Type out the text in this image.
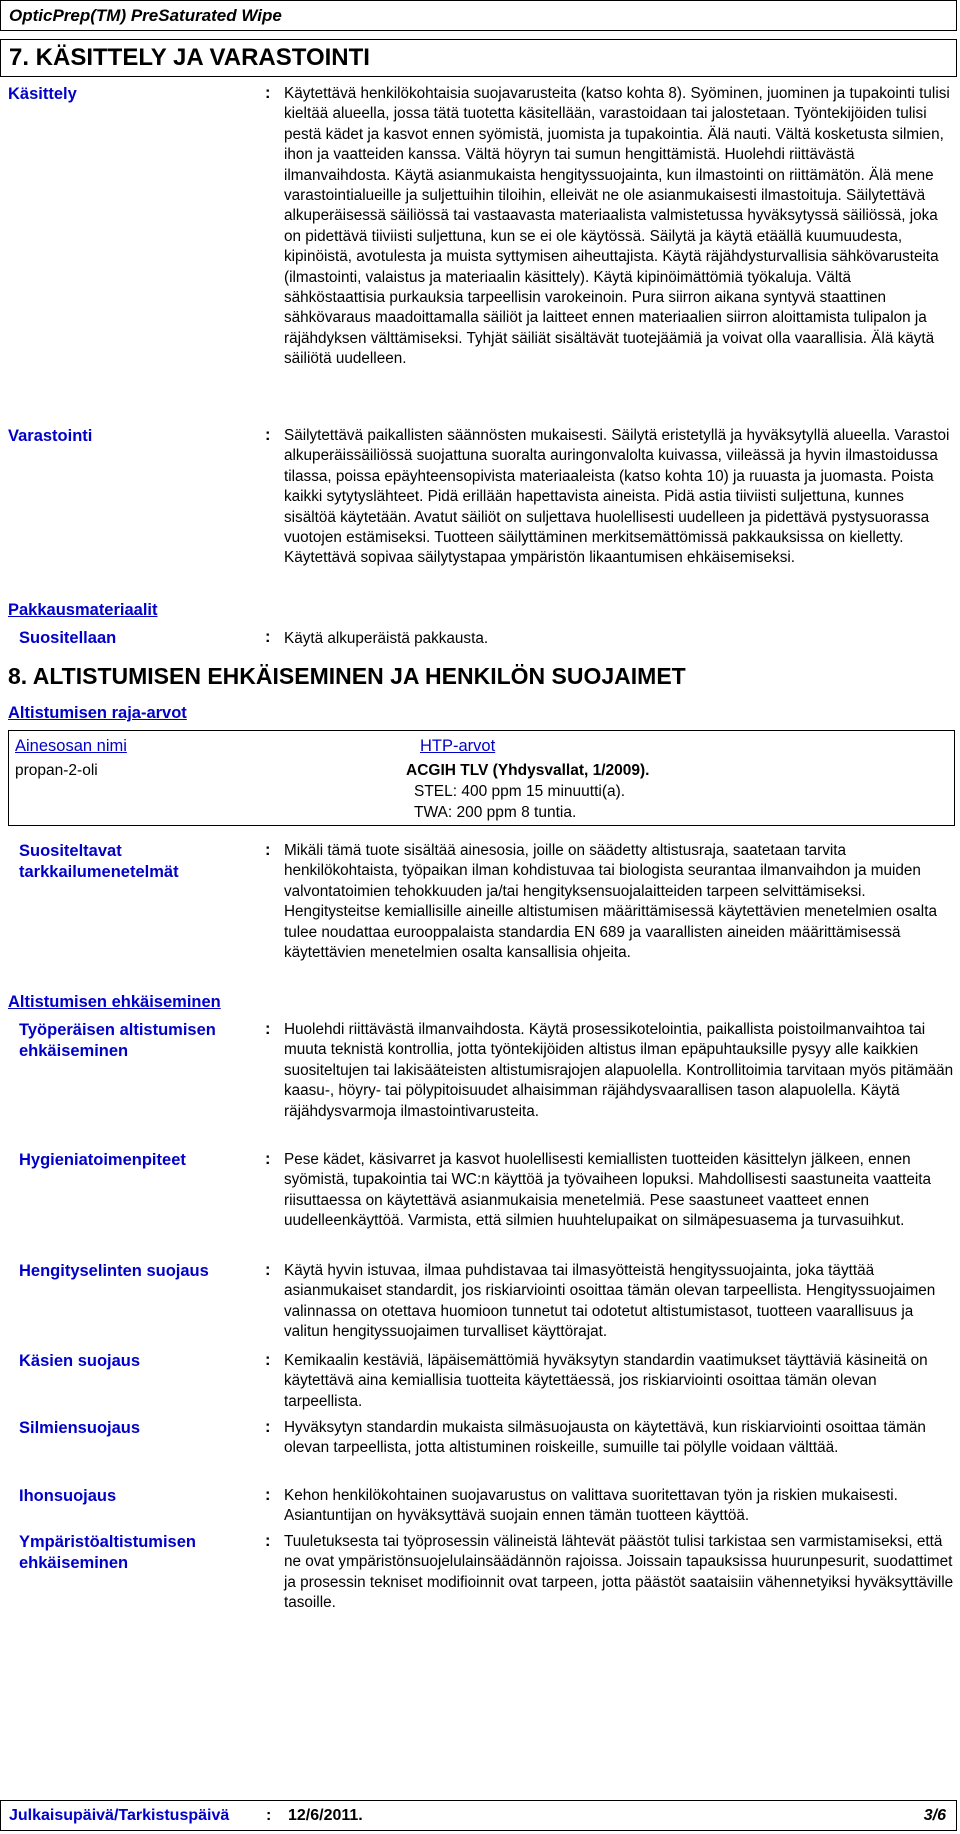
OpticPrep(TM) PreSaturated Wipe
7. KÄSITTELY JA VARASTOINTI
Käsittely	: Käytettävä henkilökohtaisia suojavarusteita (katso kohta 8). Syöminen, juominen ja tupakointi tulisi kieltää alueella, jossa tätä tuotetta käsitellään, varastoidaan tai jalostetaan. Työntekijöiden tulisi pestä kädet ja kasvot ennen syömistä, juomista ja tupakointia. Älä nauti. Vältä kosketusta silmien, ihon ja vaatteiden kanssa. Vältä höyryn tai sumun hengittämistä. Huolehdi riittävästä ilmanvaihdosta. Käytä asianmukaista hengityssuojainta, kun ilmastointi on riittämätön. Älä mene varastointialueille ja suljettuihin tiloihin, elleivät ne ole asianmukaisesti ilmastoituja. Säilytettävä alkuperäisessä säiliössä tai vastaavasta materiaalista valmistetussa hyväksytyssä säiliössä, joka on pidettävä tiiviisti suljettuna, kun se ei ole käytössä. Säilytä ja käytä etäällä kuumuudesta, kipinöistä, avotulesta ja muista syttymisen aiheuttajista. Käytä räjähdysturvallisia sähkövarusteita (ilmastointi, valaistus ja materiaalin käsittely). Käytä kipinöimättömiä työkaluja. Vältä sähköstaattisia purkauksia tarpeellisin varokeinoin. Pura siirron aikana syntyvä staattinen sähkövaraus maadoittamalla säiliöt ja laitteet ennen materiaalien siirron aloittamista tulipalon ja räjähdyksen välttämiseksi. Tyhjät säiliät sisältävät tuotejäämiä ja voivat olla vaarallisia. Älä käytä säiliötä uudelleen.
Varastointi	: Säilytettävä paikallisten säännösten mukaisesti. Säilytä eristetyllä ja hyväksytyllä alueella. Varastoi alkuperäissäiliössä suojattuna suoralta auringonvalolta kuivassa, viileässä ja hyvin ilmastoidussa tilassa, poissa epäyhteensopivista materiaaleista (katso kohta 10) ja ruuasta ja juomasta. Poista kaikki sytytyslähteet. Pidä erillään hapettavista aineista. Pidä astia tiiviisti suljettuna, kunnes sisältöä käytetään. Avatut säiliöt on suljettava huolellisesti uudelleen ja pidettävä pystysuorassa vuotojen estämiseksi. Tuotteen säilyttäminen merkitsemättömissä pakkauksissa on kielletty. Käytettävä sopivaa säilytystapaa ympäristön likaantumisen ehkäisemiseksi.
Pakkausmateriaalit
Suositellaan	: Käytä alkuperäistä pakkausta.
8. ALTISTUMISEN EHKÄISEMINEN JA HENKILÖN SUOJAIMET
Altistumisen raja-arvot
Ainesosan nimi	HTP-arvot
propan-2-oli	ACGIH TLV (Yhdysvallat, 1/2009).
STEL: 400 ppm 15 minuutti(a).
TWA: 200 ppm 8 tuntia.
Suositeltavat tarkkailumenetelmät
: Mikäli tämä tuote sisältää ainesosia, joille on säädetty altistusraja, saatetaan tarvita henkilökohtaista, työpaikan ilman kohdistuvaa tai biologista seurantaa ilmanvaihdon ja muiden valvontatoimien tehokkuuden ja/tai hengityksensuojalaitteiden tarpeen selvittämiseksi. Hengitysteitse kemiallisille aineille altistumisen määrittämisessä käytettävien menetelmien osalta tulee noudattaa eurooppalaista standardia EN 689 ja vaarallisten aineiden määrittämisessä käytettävien menetelmien osalta kansallisia ohjeita.
Altistumisen ehkäiseminen
Työperäisen altistumisen ehkäiseminen
: Huolehdi riittävästä ilmanvaihdosta. Käytä prosessikotelointia, paikallista poistoilmanvaihtoa tai muuta teknistä kontrollia, jotta työntekijöiden altistus ilman epäpuhtauksille pysyy alle kaikkien suositeltujen tai lakisääteisten altistumisrajojen alapuolella. Kontrollitoimia tarvitaan myös pitämään kaasu-, höyry- tai pölypitoisuudet alhaisimman räjähdysvaarallisen tason alapuolella. Käytä räjähdysvarmoja ilmastointivarusteita.
Hygieniatoimenpiteet	: Pese kädet, käsivarret ja kasvot huolellisesti kemiallisten tuotteiden käsittelyn jälkeen, ennen syömistä, tupakointia tai WC:n käyttöä ja työvaiheen lopuksi. Mahdollisesti saastuneita vaatteita riisuttaessa on käytettävä asianmukaisia menetelmiä. Pese saastuneet vaatteet ennen uudelleenkäyttöä. Varmista, että silmien huuhtelupaikat on silmäpesuasema ja turvasuihkut.
Hengityselinten suojaus	: Käytä hyvin istuvaa, ilmaa puhdistavaa tai ilmasyötteistä hengityssuojainta, joka täyttää asianmukaiset standardit, jos riskiarviointi osoittaa tämän olevan tarpeellista. Hengityssuojaimen valinnassa on otettava huomioon tunnetut tai odotetut altistumistasot, tuotteen vaarallisuus ja valitun hengityssuojaimen turvalliset käyttörajat.
Käsien suojaus	: Kemikaalin kestäviä, läpäisemättömiä hyväksytyn standardin vaatimukset täyttäviä käsineitä on käytettävä aina kemiallisia tuotteita käytettäessä, jos riskiarviointi osoittaa tämän olevan tarpeellista.
Silmiensuojaus	: Hyväksytyn standardin mukaista silmäsuojausta on käytettävä, kun riskiarviointi osoittaa tämän olevan tarpeellista, jotta altistuminen roiskeille, sumuille tai pölylle voidaan välttää.
Ihonsuojaus	: Kehon henkilökohtainen suojavarustus on valittava suoritettavan työn ja riskien mukaisesti. Asiantuntijan on hyväksyttävä suojain ennen tämän tuotteen käyttöä.
Ympäristöaltistumisen ehkäiseminen
: Tuuletuksesta tai työprosessin välineistä lähtevät päästöt tulisi tarkistaa sen varmistamiseksi, että ne ovat ympäristönsuojelulainsäädännön rajoissa. Joissain tapauksissa huurunpesurit, suodattimet ja prosessin tekniset modifioinnit ovat tarpeen, jotta päästöt saataisiin vähennetyiksi hyväksyttäville tasoille.
Julkaisupäivä/Tarkistuspäivä : 12/6/2011.	3/6
